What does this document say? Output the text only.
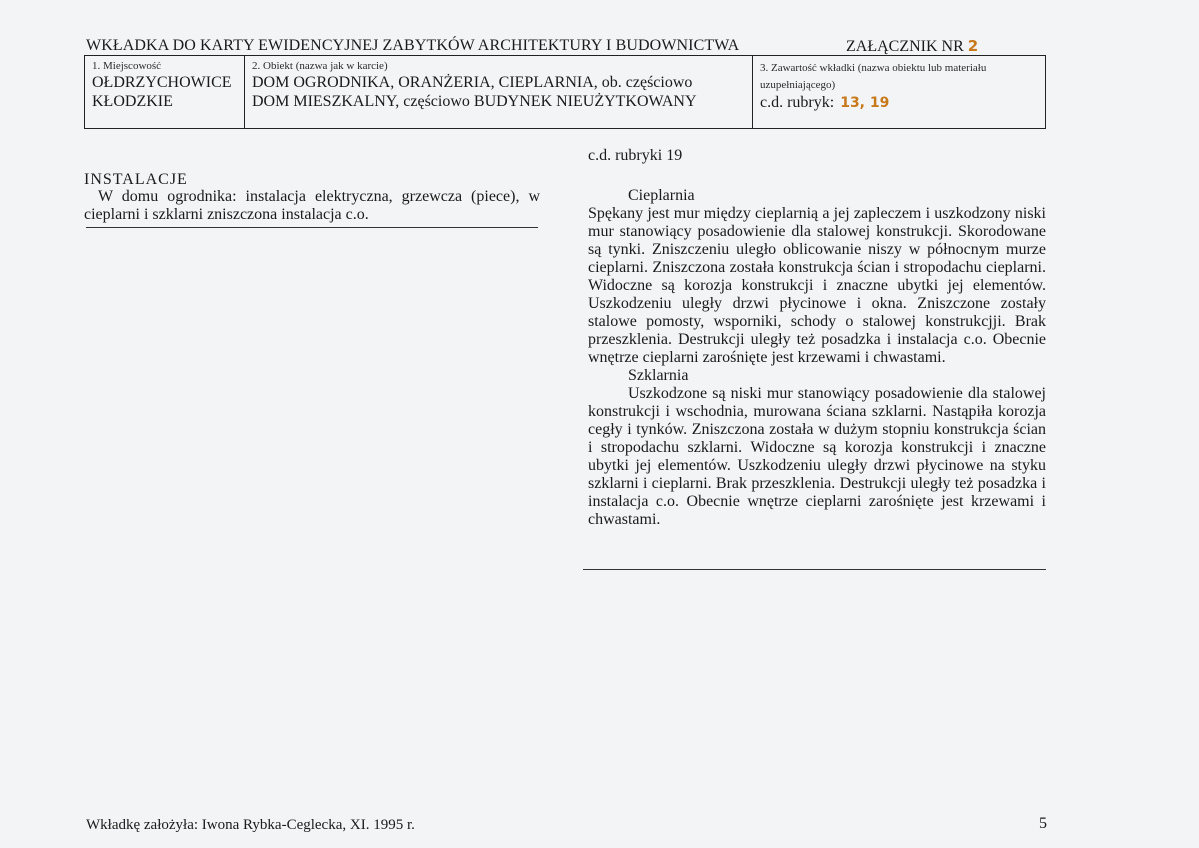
WKŁADKA DO KARTY EWIDENCYJNEJ ZABYTKÓW ARCHITEKTURY I BUDOWNICTWA	ZAŁĄCZNIK NR 2
1. Miejscowość
OŁDRZYCHOWICE
KŁODZKIE
2. Obiekt (nazwa jak w karcie)
DOM OGRODNIKA, ORANŻERIA, CIEPLARNIA, ob. częściowo
DOM MIESZKALNY, częściowo BUDYNEK NIEUŻYTKOWANY
3. Zawartość wkładki (nazwa obiektu lub materiału
uzupełniającego)
c.d. rubryk: 13, 19
INSTALACJE
W domu ogrodnika: instalacja elektryczna, grzewcza (piece), w cieplarni i szklarni zniszczona instalacja c.o.
c.d. rubryki 19
Cieplarnia
Spękany jest mur między cieplarnią a jej zapleczem i uszkodzony niski mur stanowiący posadowienie dla stalowej konstrukcji. Skorodowane są tynki. Zniszczeniu uległo oblicowanie niszy w północnym murze cieplarni. Zniszczona została konstrukcja ścian i stropodachu cieplarni. Widoczne są korozja konstrukcji i znaczne ubytki jej elementów. Uszkodzeniu uległy drzwi płycinowe i okna. Zniszczone zostały stalowe pomosty, wsporniki, schody o stalowej konstrukcjji. Brak przeszklenia. Destrukcji uległy też posadzka i instalacja c.o. Obecnie wnętrze cieplarni zarośnięte jest krzewami i chwastami.
Szklarnia
Uszkodzone są niski mur stanowiący posadowienie dla stalowej konstrukcji i wschodnia, murowana ściana szklarni. Nastąpiła korozja cegły i tynków. Zniszczona została w dużym stopniu konstrukcja ścian i stropodachu szklarni. Widoczne są korozja konstrukcji i znaczne ubytki jej elementów. Uszkodzeniu uległy drzwi płycinowe na styku szklarni i cieplarni. Brak przeszklenia. Destrukcji uległy też posadzka i instalacja c.o. Obecnie wnętrze cieplarni zarośnięte jest krzewami i chwastami.
Wkładkę założyła: Iwona Rybka-Ceglecka, XI. 1995 r.	5
